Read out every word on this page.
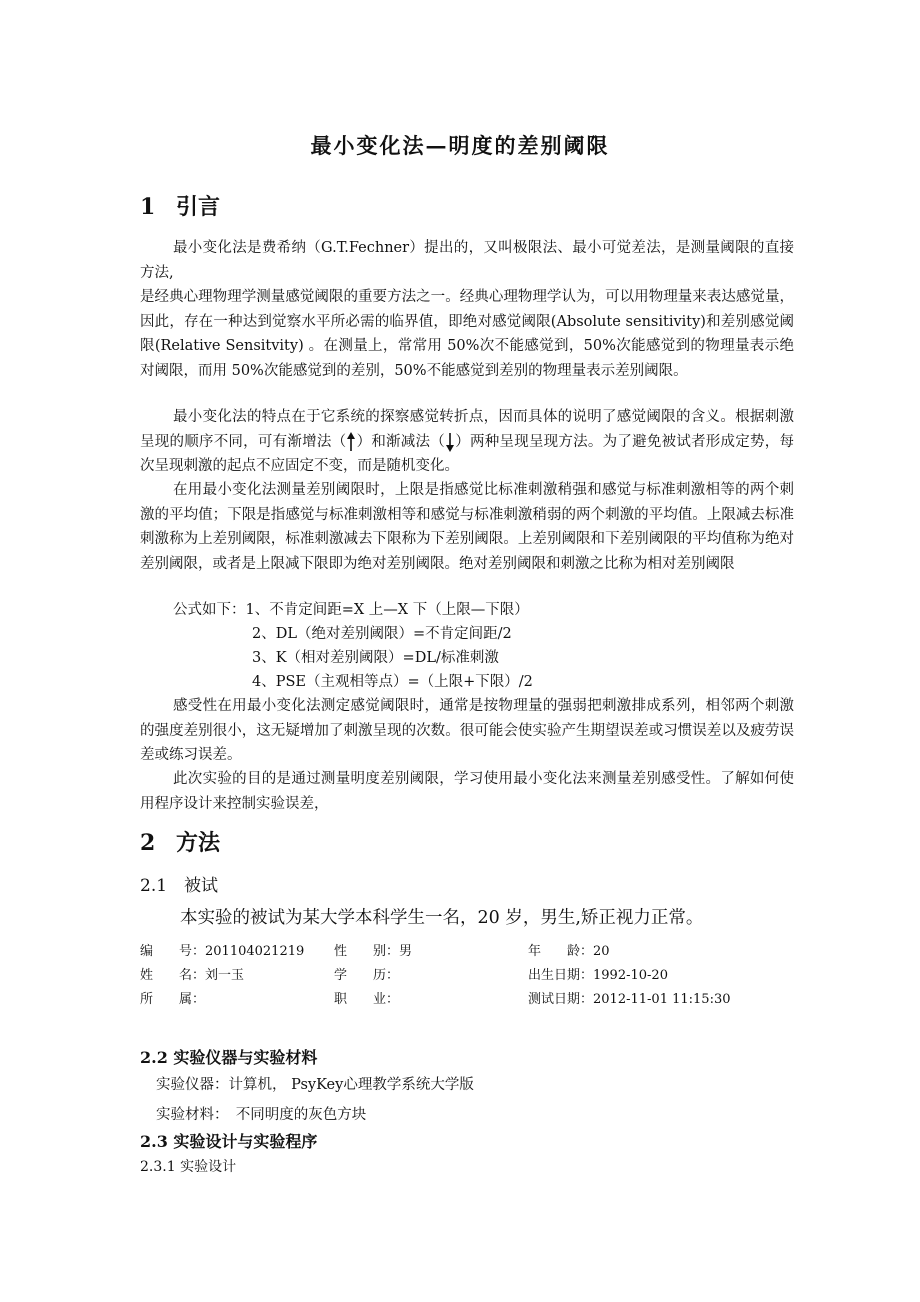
最小变化法—明度的差别阈限
1 引言
最小变化法是费希纳（G.T.Fechner）提出的，又叫极限法、最小可觉差法，是测量阈限的直接方法,
是经典心理物理学测量感觉阈限的重要方法之一。经典心理物理学认为，可以用物理量来表达感觉量，因此，存在一种达到觉察水平所必需的临界值，即绝对感觉阈限(Absolute sensitivity)和差别感觉阈限(Relative Sensitvity) 。在测量上，常常用 50%次不能感觉到，50%次能感觉到的物理量表示绝对阈限，而用 50%次能感觉到的差别，50%不能感觉到差别的物理量表示差别阈限。
最小变化法的特点在于它系统的探察感觉转折点，因而具体的说明了感觉阈限的含义。根据刺激呈现的顺序不同，可有渐增法（ ）和渐减法（ ）两种呈现呈现方法。为了避免被试者形成定势，每次呈现刺激的起点不应固定不变，而是随机变化。
在用最小变化法测量差别阈限时，上限是指感觉比标准刺激稍强和感觉与标准刺激相等的两个刺激的平均值；下限是指感觉与标准刺激相等和感觉与标准刺激稍弱的两个刺激的平均值。上限减去标准刺激称为上差别阈限，标准刺激减去下限称为下差别阈限。上差别阈限和下差别阈限的平均值称为绝对差别阈限，或者是上限减下限即为绝对差别阈限。绝对差别阈限和刺激之比称为相对差别阈限
公式如下：1、不肯定间距=X 上—X 下（上限—下限）
2、DL（绝对差别阈限）=不肯定间距/2
3、K（相对差别阈限）=DL/标准刺激
4、PSE（主观相等点）=（上限+下限）/2
感受性在用最小变化法测定感觉阈限时，通常是按物理量的强弱把刺激排成系列，相邻两个刺激的强度差别很小，这无疑增加了刺激呈现的次数。很可能会使实验产生期望误差或习惯误差以及疲劳误差或练习误差。
此次实验的目的是通过测量明度差别阈限，学习使用最小变化法来测量差别感受性。了解如何使用程序设计来控制实验误差，
2 方法
2.1　被试
本实验的被试为某大学本科学生一名，20 岁，男生,矫正视力正常。
编　　号：201104021219 性　　别：男	年　　龄：20
姓　　名：刘一玉	学　　历：	出生日期：1992-10-20
所　　属：	职　　业：	测试日期：2012-11-01 11:15:30
2.2 实验仪器与实验材料
实验仪器：计算机， PsyKey心理教学系统大学版
实验材料：　不同明度的灰色方块
2.3 实验设计与实验程序
2.3.1 实验设计
